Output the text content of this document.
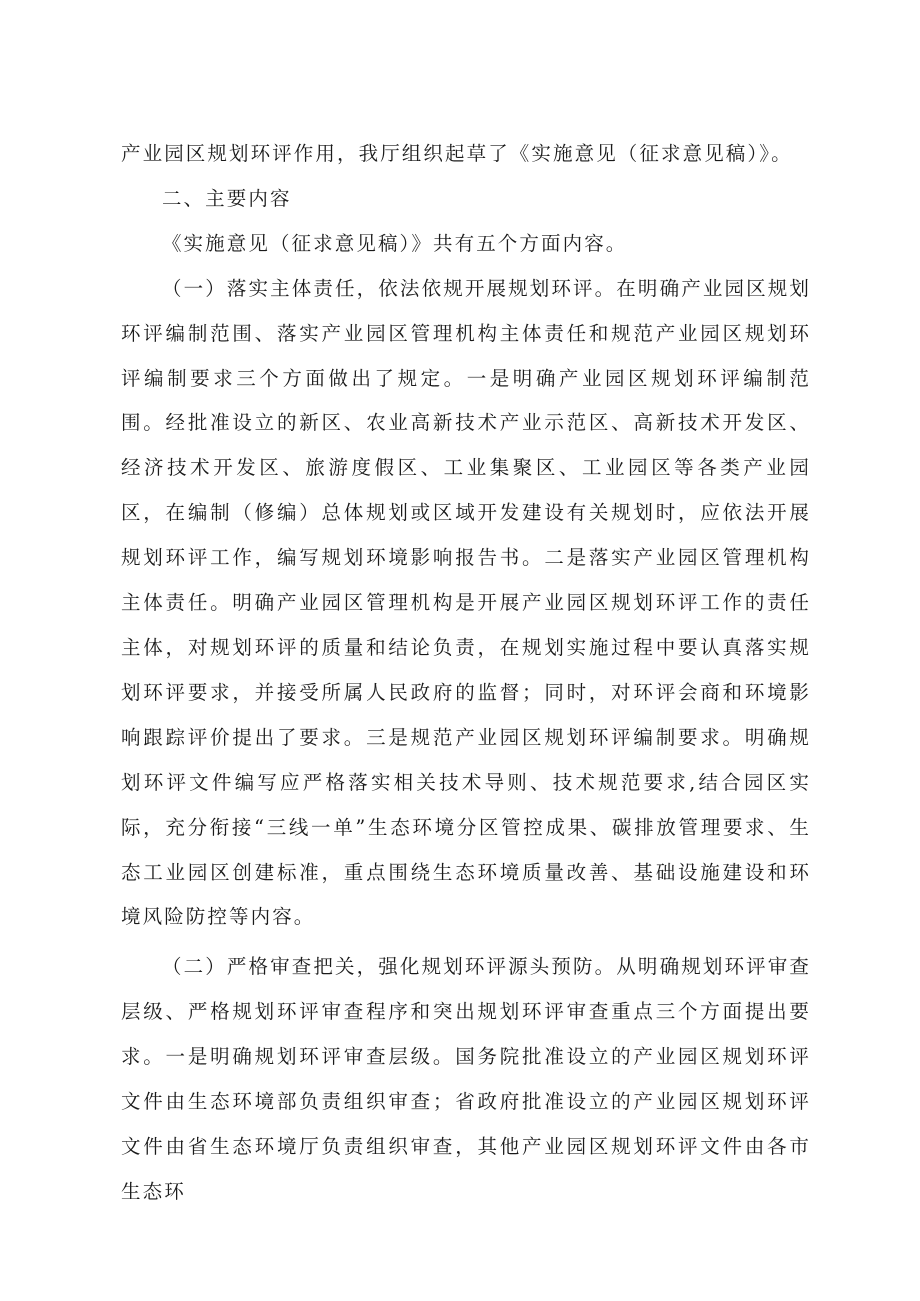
产业园区规划环评作用，我厅组织起草了《实施意见（征求意见稿）》。

二、主要内容

《实施意见（征求意见稿）》共有五个方面内容。

（一）落实主体责任，依法依规开展规划环评。在明确产业园区规划环评编制范围、落实产业园区管理机构主体责任和规范产业园区规划环评编制要求三个方面做出了规定。一是明确产业园区规划环评编制范围。经批准设立的新区、农业高新技术产业示范区、高新技术开发区、经济技术开发区、旅游度假区、工业集聚区、工业园区等各类产业园区，在编制（修编）总体规划或区域开发建设有关规划时，应依法开展规划环评工作，编写规划环境影响报告书。二是落实产业园区管理机构主体责任。明确产业园区管理机构是开展产业园区规划环评工作的责任主体，对规划环评的质量和结论负责，在规划实施过程中要认真落实规划环评要求，并接受所属人民政府的监督；同时，对环评会商和环境影响跟踪评价提出了要求。三是规范产业园区规划环评编制要求。明确规划环评文件编写应严格落实相关技术导则、技术规范要求,结合园区实际，充分衔接“三线一单”生态环境分区管控成果、碳排放管理要求、生态工业园区创建标准，重点围绕生态环境质量改善、基础设施建设和环境风险防控等内容。

（二）严格审查把关，强化规划环评源头预防。从明确规划环评审查层级、严格规划环评审查程序和突出规划环评审查重点三个方面提出要求。一是明确规划环评审查层级。国务院批准设立的产业园区规划环评文件由生态环境部负责组织审查；省政府批准设立的产业园区规划环评文件由省生态环境厅负责组织审查，其他产业园区规划环评文件由各市生态环
